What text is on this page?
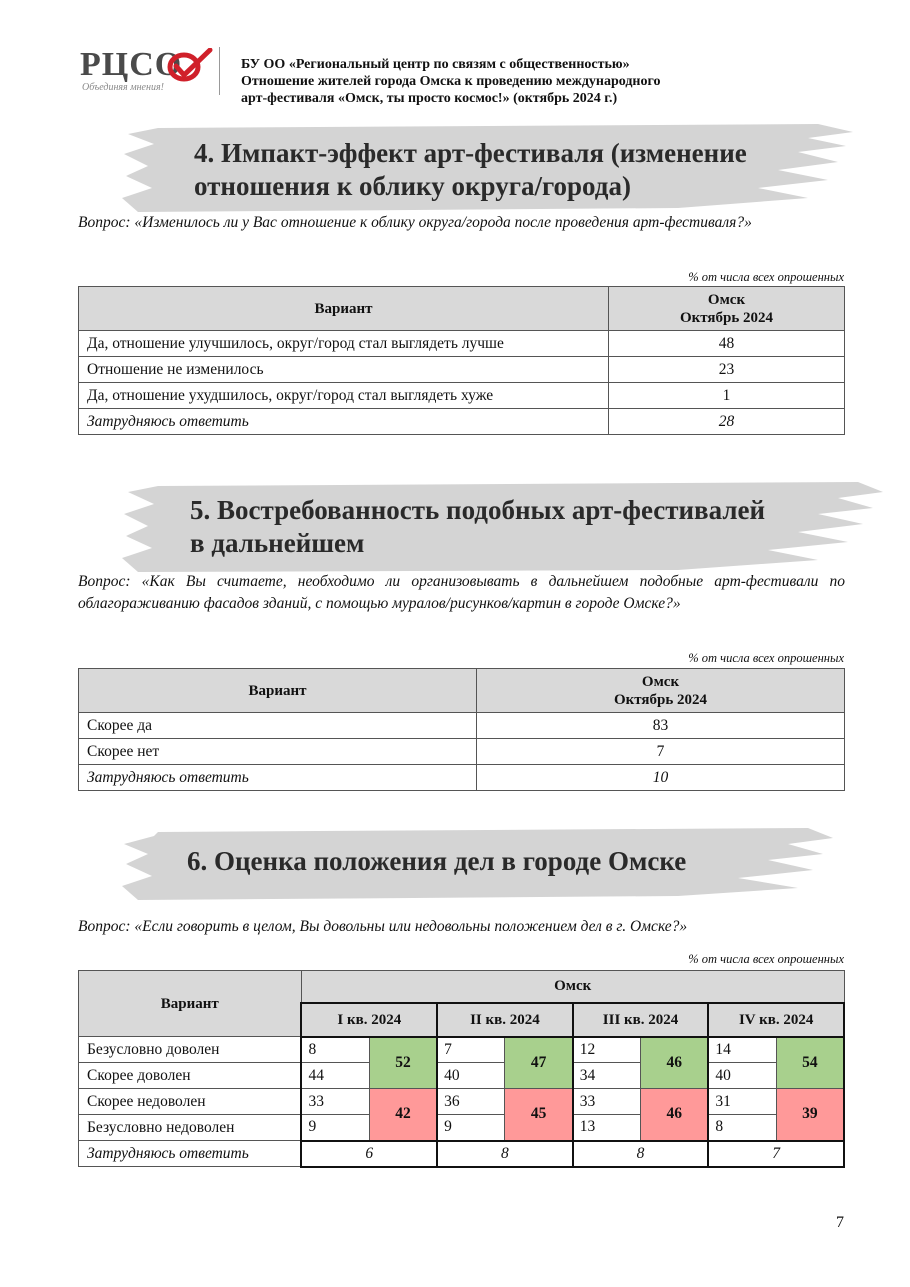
РЦСО
Объединяя мнения!
БУ ОО «Региональный центр по связям с общественностью»
Отношение жителей города Омска к проведению международного
арт-фестиваля «Омск, ты просто космос!» (октябрь 2024 г.)
4. Импакт-эффект арт-фестиваля (изменение
отношения к облику округа/города)
Вопрос: «Изменилось ли у Вас отношение к облику округа/города после проведения арт-фестиваля?»
% от числа всех опрошенных
Вариант	Омск
Октябрь 2024

Да, отношение улучшилось, округ/город стал выглядеть лучше	48
Отношение не изменилось	23
Да, отношение ухудшилось, округ/город стал выглядеть хуже	1
Затрудняюсь ответить	28
5. Востребованность подобных арт-фестивалей
в дальнейшем
Вопрос: «Как Вы считаете, необходимо ли организовывать в дальнейшем подобные арт-фестивали по облагораживанию фасадов зданий, с помощью муралов/рисунков/картин в городе Омске?»
% от числа всех опрошенных
Вариант	Омск
Октябрь 2024

Скорее да	83
Скорее нет	7
Затрудняюсь ответить	10
6. Оценка положения дел в городе Омске
Вопрос: «Если говорить в целом, Вы довольны или недовольны положением дел в г. Омске?»
% от числа всех опрошенных
Вариант	Омск							
	I кв. 2024		II кв. 2024		III кв. 2024		IV кв. 2024	
Безусловно доволен	8	52	7	47	12	46	14	54
Скорее доволен	44		40		34		40	
Скорее недоволен	33	42	36	45	33	46	31	39
Безусловно недоволен	9		9		13		8	
Затрудняюсь ответить	6		8		8		7	
7
